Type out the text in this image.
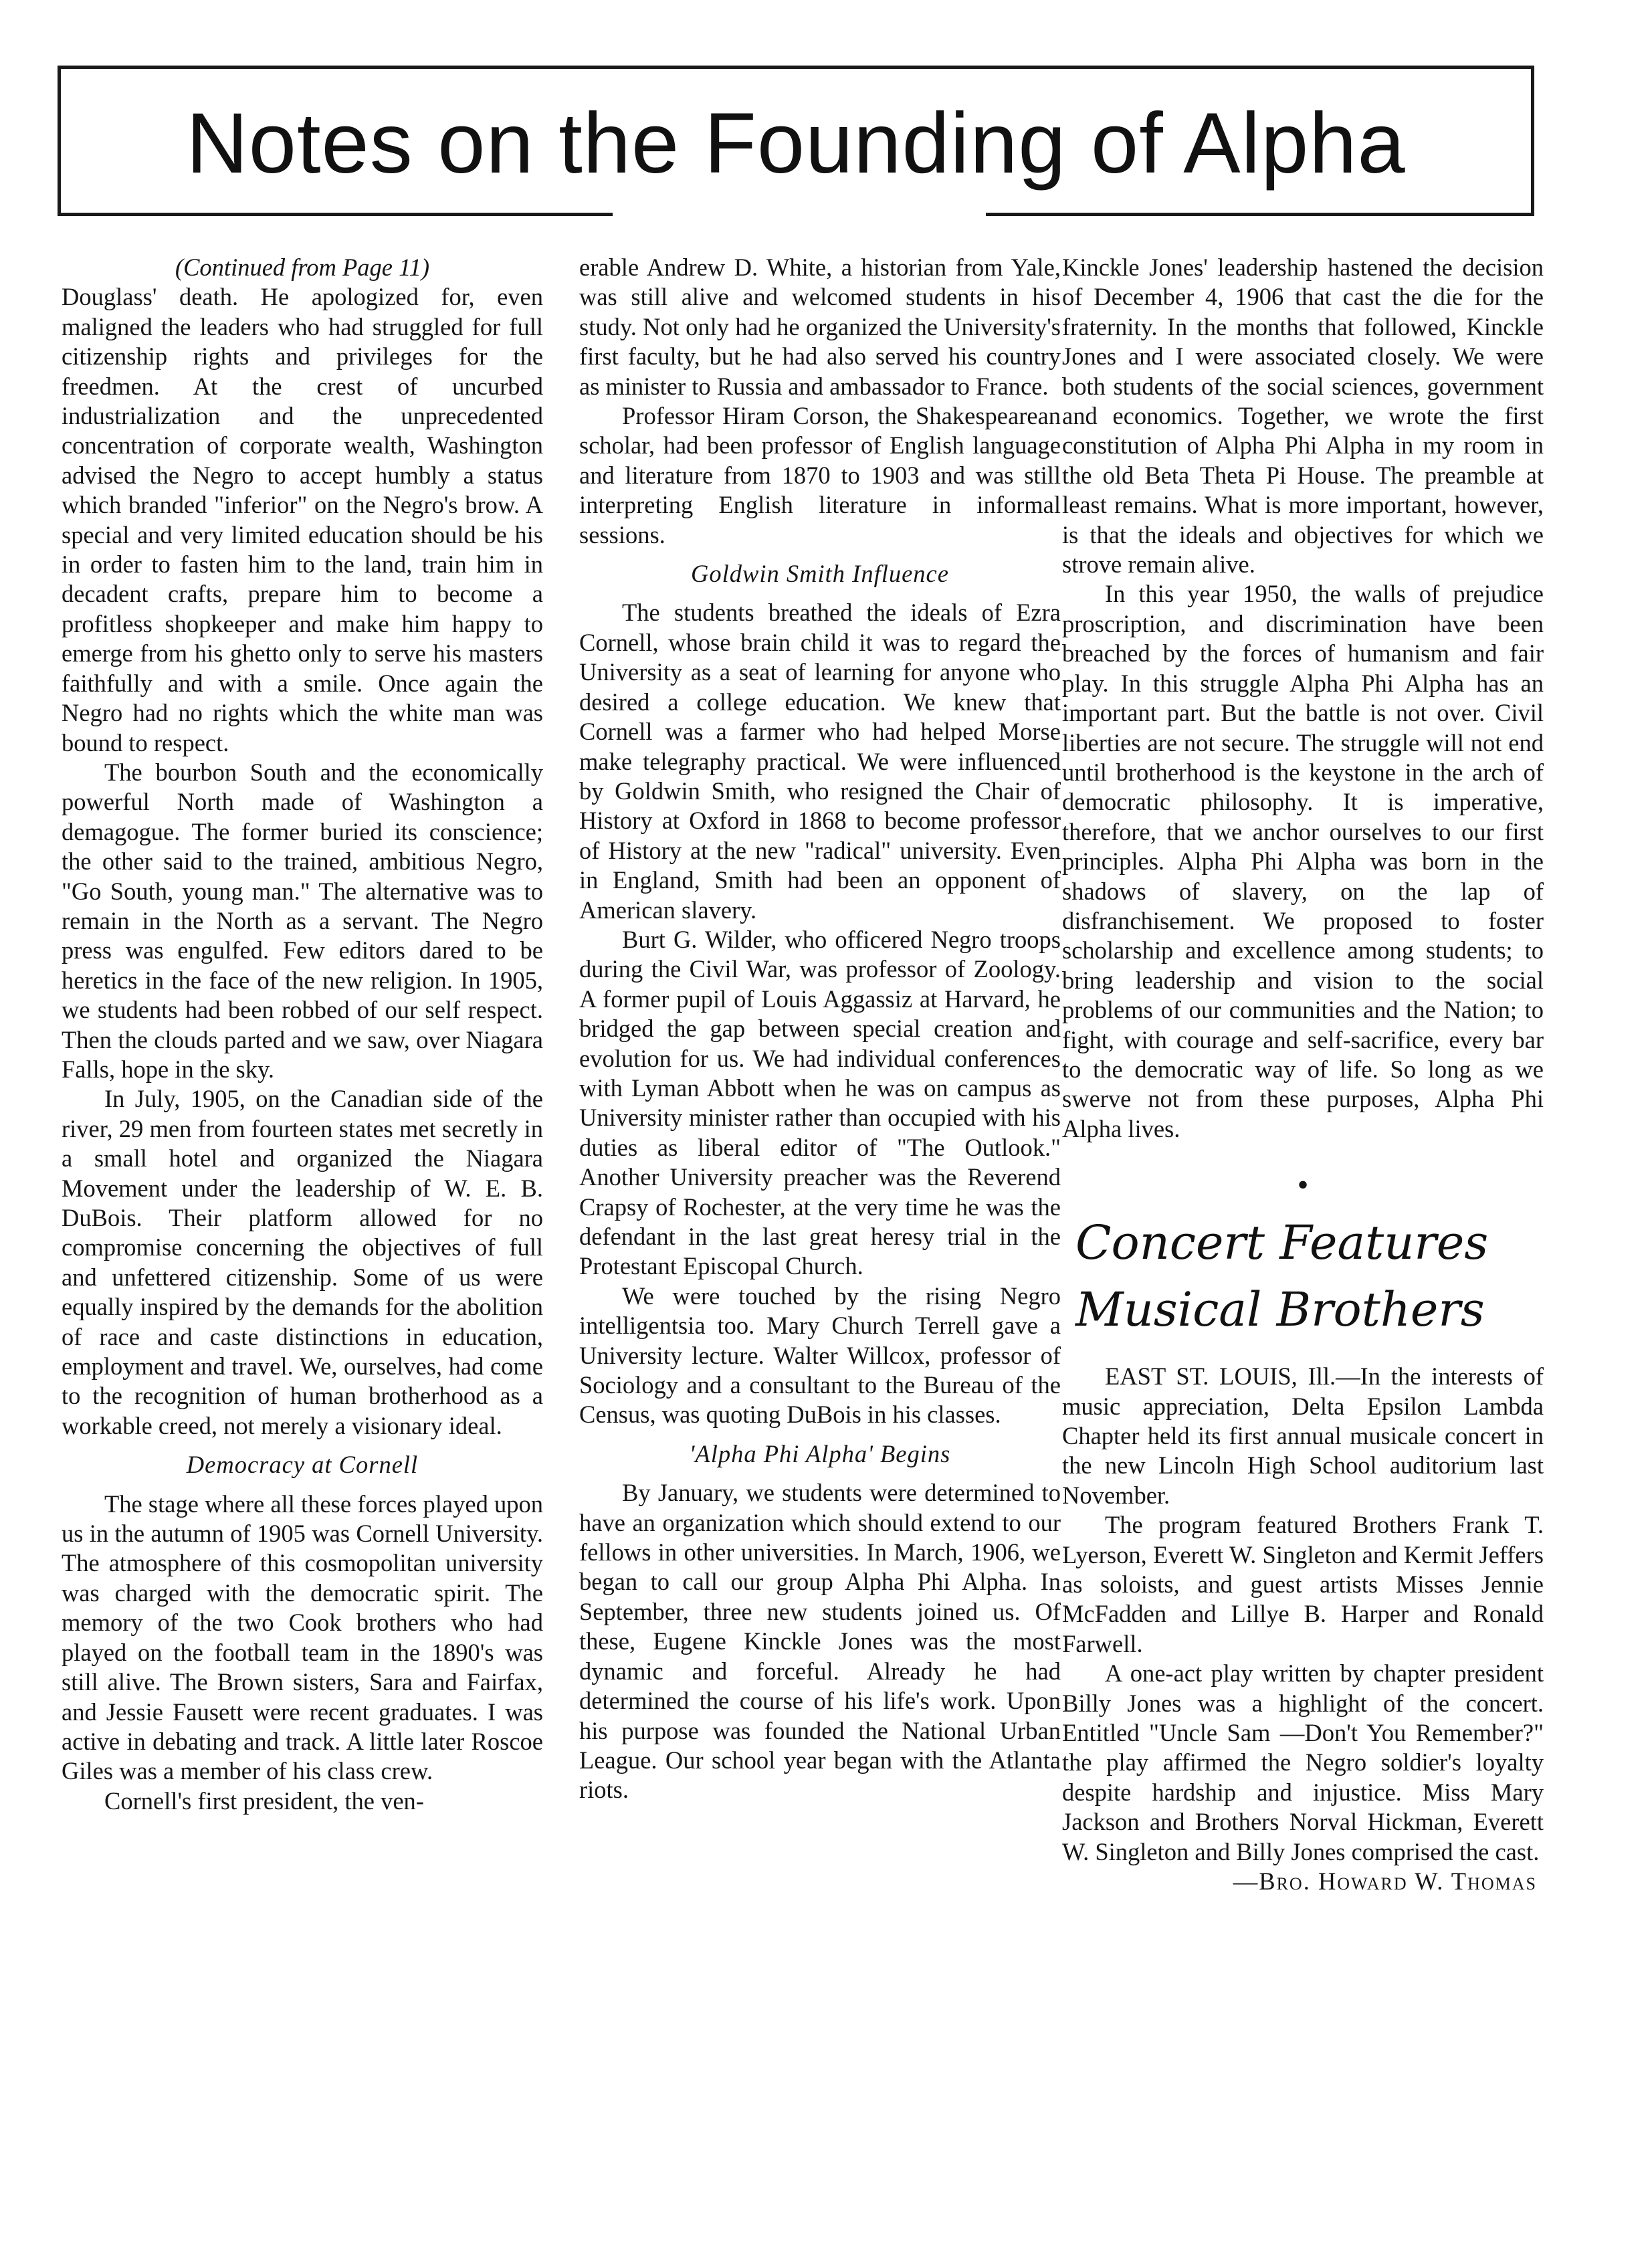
Notes on the Founding of Alpha

(Continued from Page 11)

Douglass' death. He apologized for, even maligned the leaders who had struggled for full citizenship rights and privileges for the freedmen. At the crest of uncurbed industrialization and the unprecedented concentration of corporate wealth, Washington advised the Negro to accept humbly a status which branded "inferior" on the Negro's brow. A special and very limited education should be his in order to fasten him to the land, train him in decadent crafts, prepare him to become a profitless shopkeeper and make him happy to emerge from his ghetto only to serve his masters faithfully and with a smile. Once again the Negro had no rights which the white man was bound to respect.

The bourbon South and the economically powerful North made of Washington a demagogue. The former buried its conscience; the other said to the trained, ambitious Negro, "Go South, young man." The alternative was to remain in the North as a servant. The Negro press was engulfed. Few editors dared to be heretics in the face of the new religion. In 1905, we students had been robbed of our self respect. Then the clouds parted and we saw, over Niagara Falls, hope in the sky.

In July, 1905, on the Canadian side of the river, 29 men from fourteen states met secretly in a small hotel and organized the Niagara Movement under the leadership of W. E. B. DuBois. Their platform allowed for no compromise concerning the objectives of full and unfettered citizenship. Some of us were equally inspired by the demands for the abolition of race and caste distinctions in education, employment and travel. We, ourselves, had come to the recognition of human brotherhood as a workable creed, not merely a visionary ideal.

Democracy at Cornell

The stage where all these forces played upon us in the autumn of 1905 was Cornell University. The atmosphere of this cosmopolitan university was charged with the democratic spirit. The memory of the two Cook brothers who had played on the football team in the 1890's was still alive. The Brown sisters, Sara and Fairfax, and Jessie Fausett were recent graduates. I was active in debating and track. A little later Roscoe Giles was a member of his class crew.

Cornell's first president, the ven-

erable Andrew D. White, a historian from Yale, was still alive and welcomed students in his study. Not only had he organized the University's first faculty, but he had also served his country as minister to Russia and ambassador to France.

Professor Hiram Corson, the Shakespearean scholar, had been professor of English language and literature from 1870 to 1903 and was still interpreting English literature in informal sessions.

Goldwin Smith Influence

The students breathed the ideals of Ezra Cornell, whose brain child it was to regard the University as a seat of learning for anyone who desired a college education. We knew that Cornell was a farmer who had helped Morse make telegraphy practical. We were influenced by Goldwin Smith, who resigned the Chair of History at Oxford in 1868 to become professor of History at the new "radical" university. Even in England, Smith had been an opponent of American slavery.

Burt G. Wilder, who officered Negro troops during the Civil War, was professor of Zoology. A former pupil of Louis Aggassiz at Harvard, he bridged the gap between special creation and evolution for us. We had individual conferences with Lyman Abbott when he was on campus as University minister rather than occupied with his duties as liberal editor of "The Outlook." Another University preacher was the Reverend Crapsy of Rochester, at the very time he was the defendant in the last great heresy trial in the Protestant Episcopal Church.

We were touched by the rising Negro intelligentsia too. Mary Church Terrell gave a University lecture. Walter Willcox, professor of Sociology and a consultant to the Bureau of the Census, was quoting DuBois in his classes.

'Alpha Phi Alpha' Begins

By January, we students were determined to have an organization which should extend to our fellows in other universities. In March, 1906, we began to call our group Alpha Phi Alpha. In September, three new students joined us. Of these, Eugene Kinckle Jones was the most dynamic and forceful. Already he had determined the course of his life's work. Upon his purpose was founded the National Urban League. Our school year began with the Atlanta riots.

Kinckle Jones' leadership hastened the decision of December 4, 1906 that cast the die for the fraternity. In the months that followed, Kinckle Jones and I were associated closely. We were both students of the social sciences, government and economics. Together, we wrote the first constitution of Alpha Phi Alpha in my room in the old Beta Theta Pi House. The preamble at least remains. What is more important, however, is that the ideals and objectives for which we strove remain alive.

In this year 1950, the walls of prejudice proscription, and discrimination have been breached by the forces of humanism and fair play. In this struggle Alpha Phi Alpha has an important part. But the battle is not over. Civil liberties are not secure. The struggle will not end until brotherhood is the keystone in the arch of democratic philosophy. It is imperative, therefore, that we anchor ourselves to our first principles. Alpha Phi Alpha was born in the shadows of slavery, on the lap of disfranchisement. We proposed to foster scholarship and excellence among students; to bring leadership and vision to the social problems of our communities and the Nation; to fight, with courage and self-sacrifice, every bar to the democratic way of life. So long as we swerve not from these purposes, Alpha Phi Alpha lives.

•
Concert Features
Musical Brothers

EAST ST. LOUIS, Ill.—In the interests of music appreciation, Delta Epsilon Lambda Chapter held its first annual musicale concert in the new Lincoln High School auditorium last November.

The program featured Brothers Frank T. Lyerson, Everett W. Singleton and Kermit Jeffers as soloists, and guest artists Misses Jennie McFadden and Lillye B. Harper and Ronald Farwell.

A one-act play written by chapter president Billy Jones was a highlight of the concert. Entitled "Uncle Sam —Don't You Remember?" the play affirmed the Negro soldier's loyalty despite hardship and injustice. Miss Mary Jackson and Brothers Norval Hickman, Everett W. Singleton and Billy Jones comprised the cast.

—Bro. Howard W. Thomas
